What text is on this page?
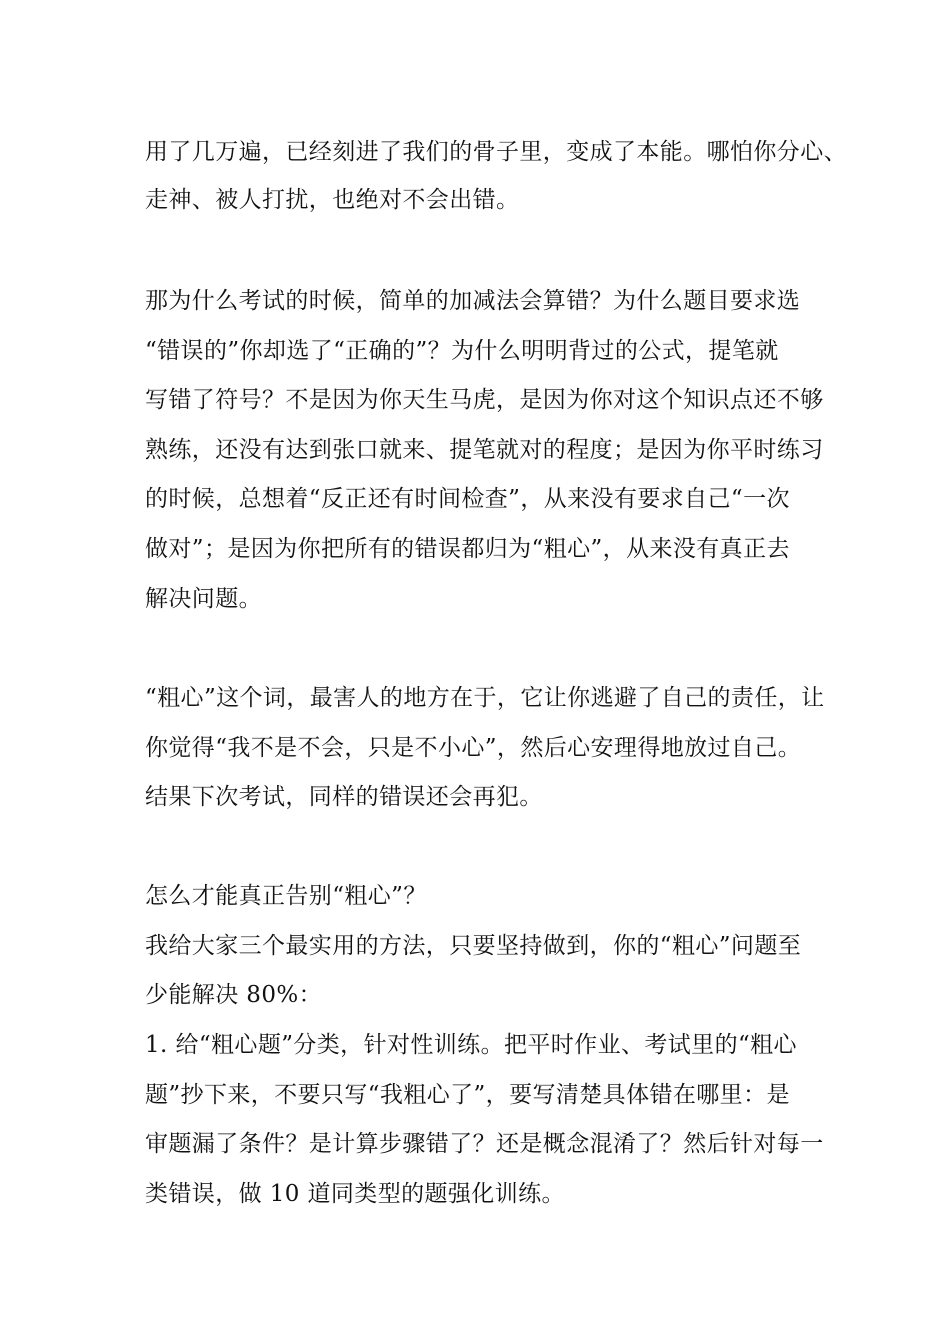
用了几万遍，已经刻进了我们的骨子里，变成了本能。哪怕你分心、
走神、被人打扰，也绝对不会出错。
那为什么考试的时候，简单的加减法会算错？为什么题目要求选
“错误的”你却选了“正确的”？为什么明明背过的公式，提笔就
写错了符号？不是因为你天生马虎，是因为你对这个知识点还不够
熟练，还没有达到张口就来、提笔就对的程度；是因为你平时练习
的时候，总想着“反正还有时间检查”，从来没有要求自己“一次
做对”；是因为你把所有的错误都归为“粗心”，从来没有真正去
解决问题。
“粗心”这个词，最害人的地方在于，它让你逃避了自己的责任，让
你觉得“我不是不会，只是不小心”，然后心安理得地放过自己。
结果下次考试，同样的错误还会再犯。
怎么才能真正告别“粗心”？
我给大家三个最实用的方法，只要坚持做到，你的“粗心”问题至
少能解决 80%：
1. 给“粗心题”分类，针对性训练。把平时作业、考试里的“粗心
题”抄下来，不要只写“我粗心了”，要写清楚具体错在哪里：是
审题漏了条件？是计算步骤错了？还是概念混淆了？然后针对每一
类错误，做 10 道同类型的题强化训练。
